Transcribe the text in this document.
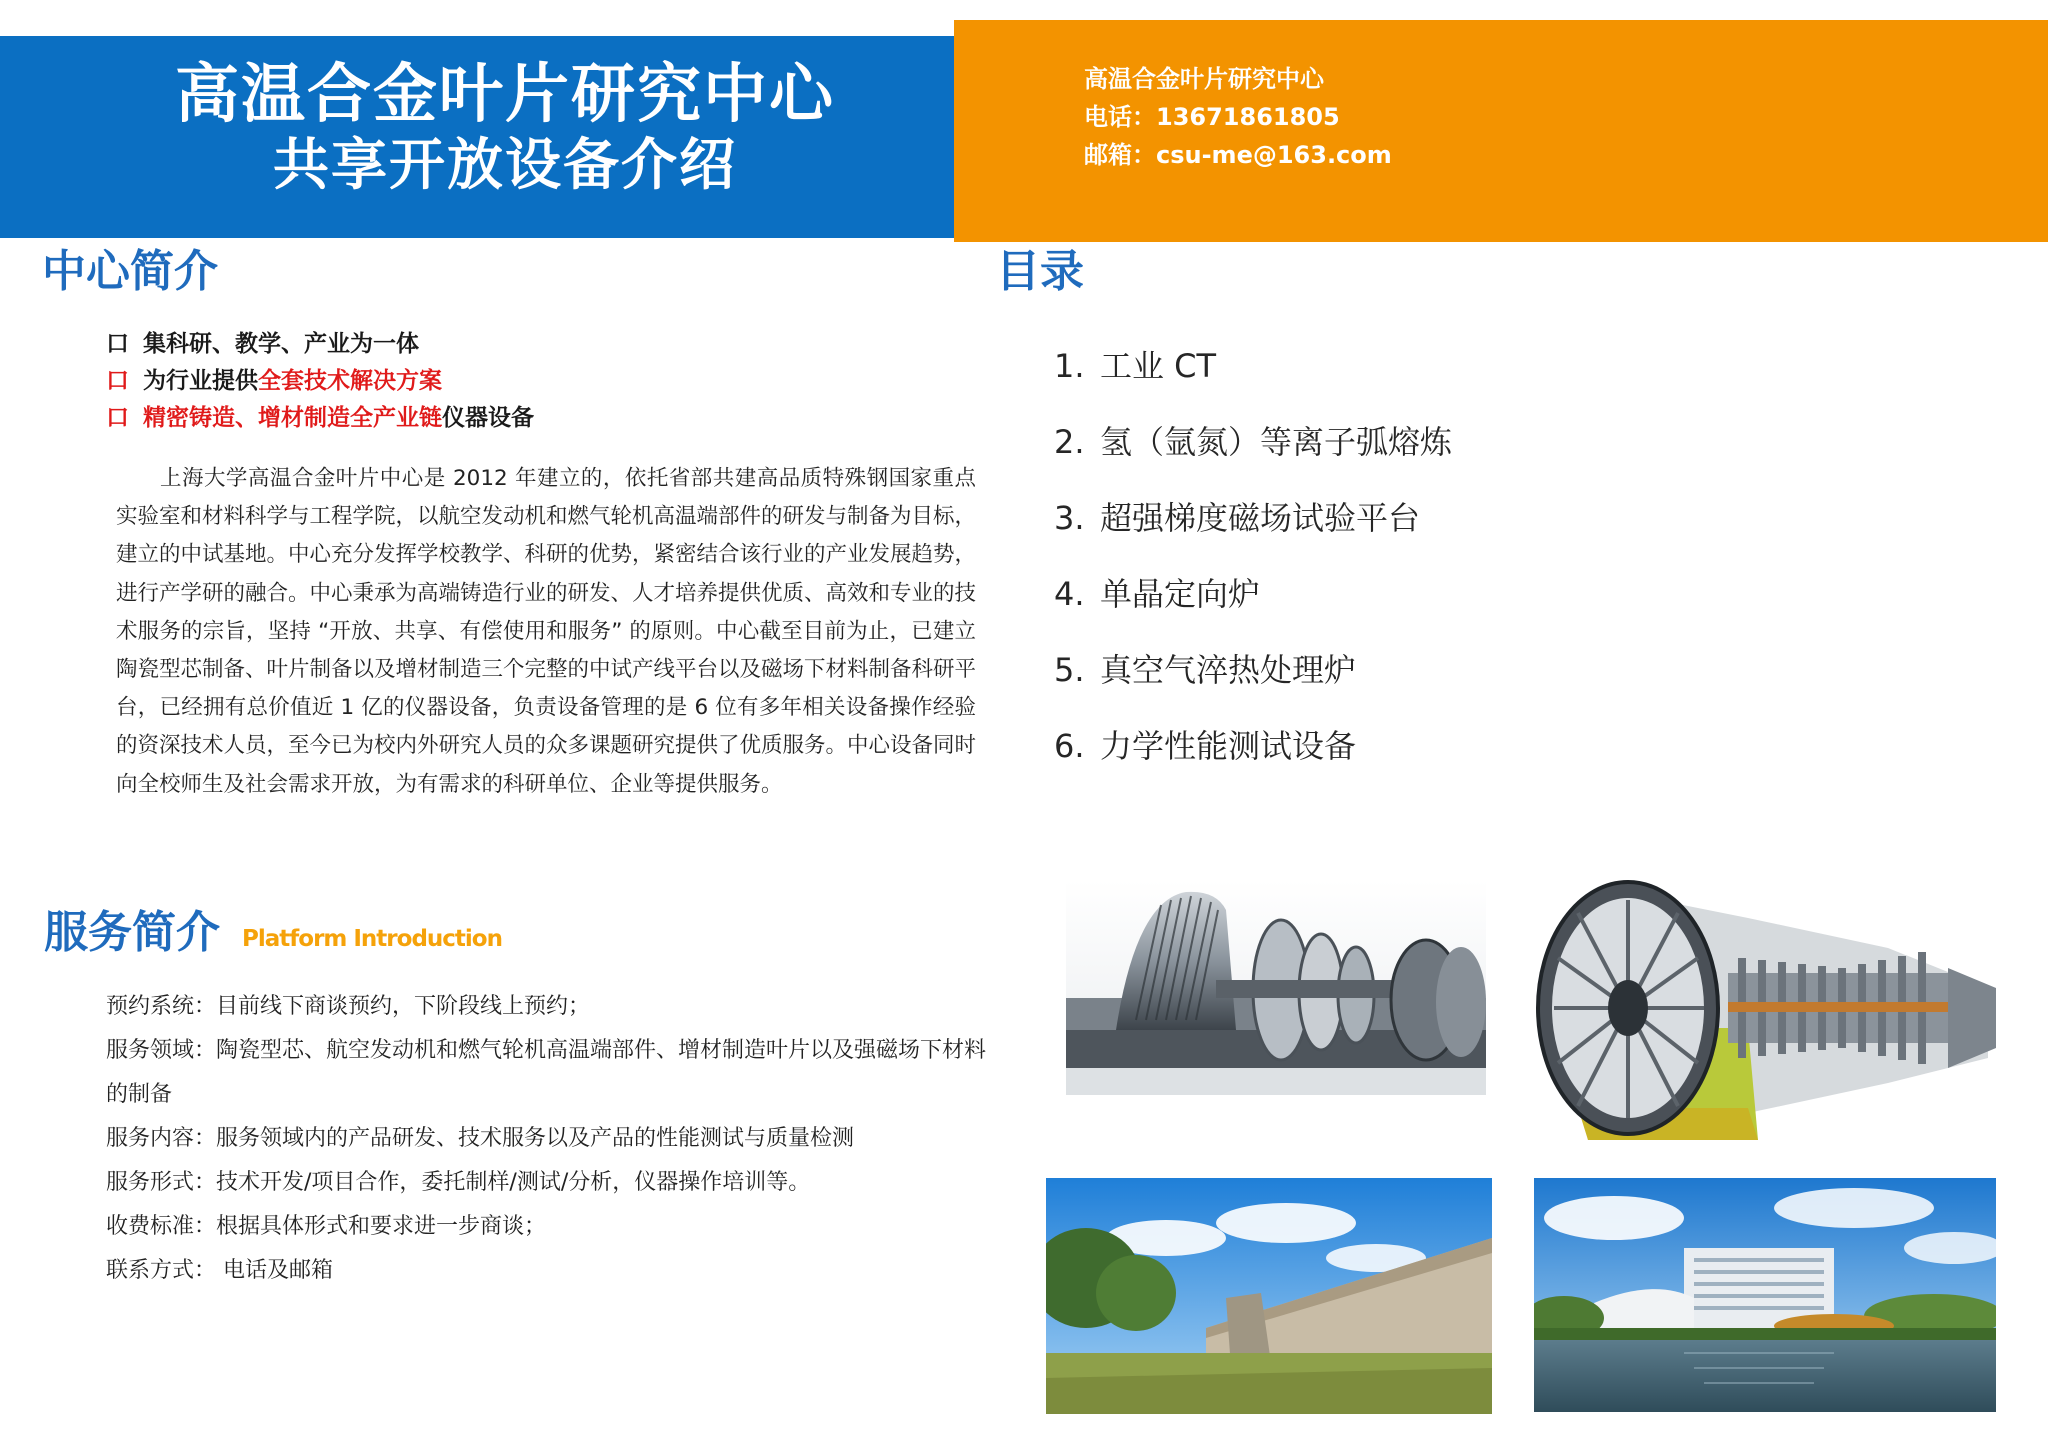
高温合金叶片研究中心
共享开放设备介绍
高温合金叶片研究中心
电话：13671861805
邮箱：csu-me@163.com
中心简介
口 集科研、教学、产业为一体
口 为行业提供全套技术解决方案
口 精密铸造、增材制造全产业链仪器设备

上海大学高温合金叶片中心是 2012 年建立的，依托省部共建高品质特殊钢国家重点实验室和材料科学与工程学院，以航空发动机和燃气轮机高温端部件的研发与制备为目标，建立的中试基地。中心充分发挥学校教学、科研的优势，紧密结合该行业的产业发展趋势，进行产学研的融合。中心秉承为高端铸造行业的研发、人才培养提供优质、高效和专业的技术服务的宗旨，坚持 “开放、共享、有偿使用和服务” 的原则。中心截至目前为止，已建立陶瓷型芯制备、叶片制备以及增材制造三个完整的中试产线平台以及磁场下材料制备科研平台，已经拥有总价值近 1 亿的仪器设备，负责设备管理的是 6 位有多年相关设备操作经验的资深技术人员，至今已为校内外研究人员的众多课题研究提供了优质服务。中心设备同时向全校师生及社会需求开放，为有需求的科研单位、企业等提供服务。

服务简介 Platform Introduction
预约系统：目前线下商谈预约，下阶段线上预约；
服务领域：陶瓷型芯、航空发动机和燃气轮机高温端部件、增材制造叶片以及强磁场下材料的制备
服务内容：服务领域内的产品研发、技术服务以及产品的性能测试与质量检测
服务形式：技术开发/项目合作，委托制样/测试/分析，仪器操作培训等。
收费标准：根据具体形式和要求进一步商谈；
联系方式： 电话及邮箱
目录
1. 工业 CT
2. 氢（氩氮）等离子弧熔炼
3. 超强梯度磁场试验平台
4. 单晶定向炉
5. 真空气淬热处理炉
6. 力学性能测试设备
